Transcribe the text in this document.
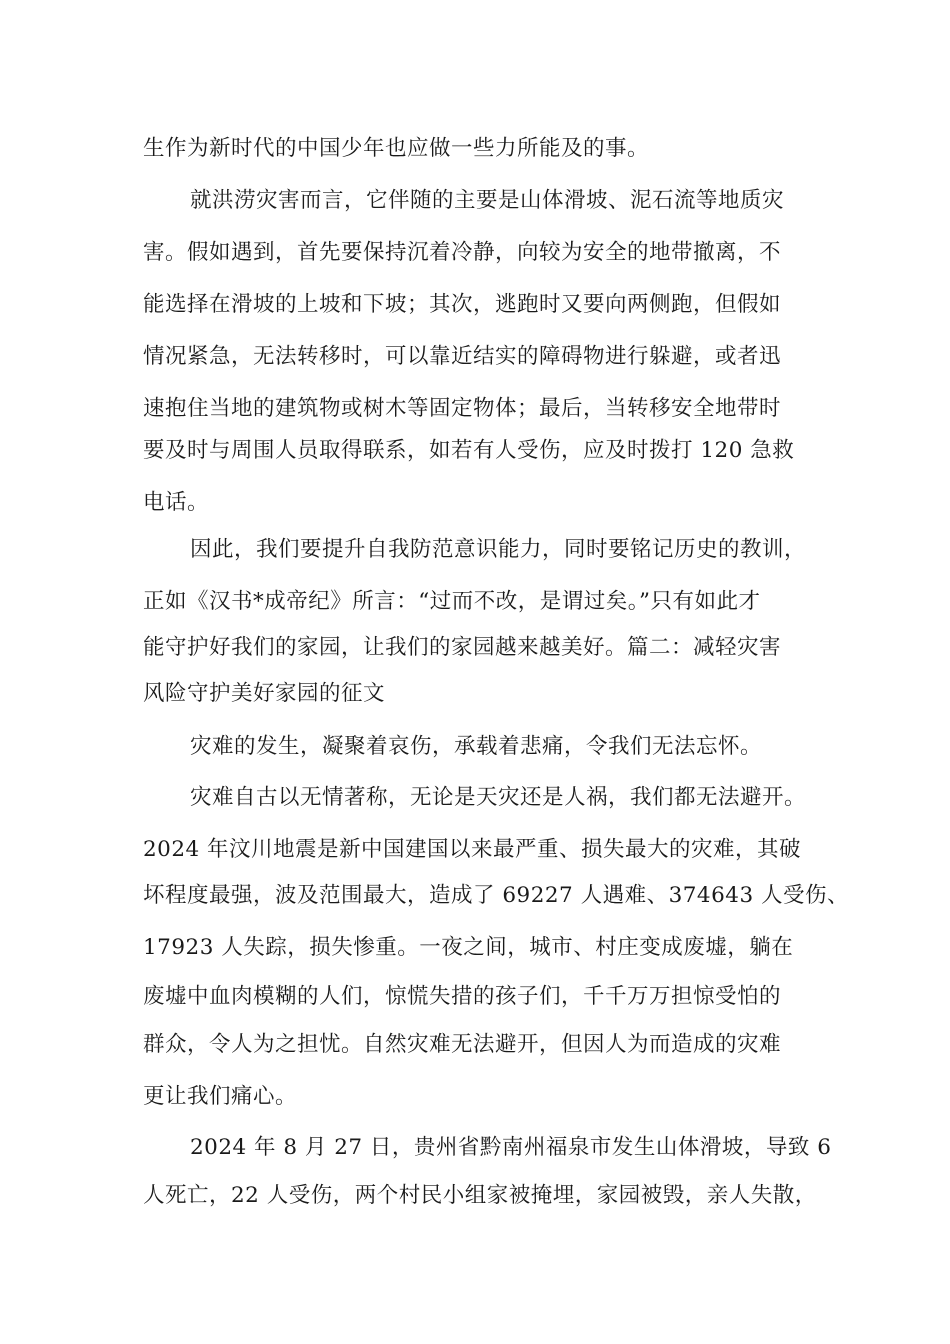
生作为新时代的中国少年也应做一些力所能及的事。
就洪涝灾害而言，它伴随的主要是山体滑坡、泥石流等地质灾
害。假如遇到，首先要保持沉着冷静，向较为安全的地带撤离，不
能选择在滑坡的上坡和下坡；其次，逃跑时又要向两侧跑，但假如
情况紧急，无法转移时，可以靠近结实的障碍物进行躲避，或者迅
速抱住当地的建筑物或树木等固定物体；最后，当转移安全地带时
要及时与周围人员取得联系，如若有人受伤，应及时拨打 120 急救
电话。
因此，我们要提升自我防范意识能力，同时要铭记历史的教训，
正如《汉书*成帝纪》所言：“过而不改，是谓过矣。”只有如此才
能守护好我们的家园，让我们的家园越来越美好。篇二：减轻灾害
风险守护美好家园的征文
灾难的发生，凝聚着哀伤，承载着悲痛，令我们无法忘怀。
灾难自古以无情著称，无论是天灾还是人祸，我们都无法避开。
2024 年汶川地震是新中国建国以来最严重、损失最大的灾难，其破
坏程度最强，波及范围最大，造成了 69227 人遇难、374643 人受伤、
17923 人失踪，损失惨重。一夜之间，城市、村庄变成废墟，躺在
废墟中血肉模糊的人们，惊慌失措的孩子们，千千万万担惊受怕的
群众，令人为之担忧。自然灾难无法避开，但因人为而造成的灾难
更让我们痛心。
2024 年 8 月 27 日，贵州省黔南州福泉市发生山体滑坡，导致 6
人死亡，22 人受伤，两个村民小组家被掩埋，家园被毁，亲人失散，
